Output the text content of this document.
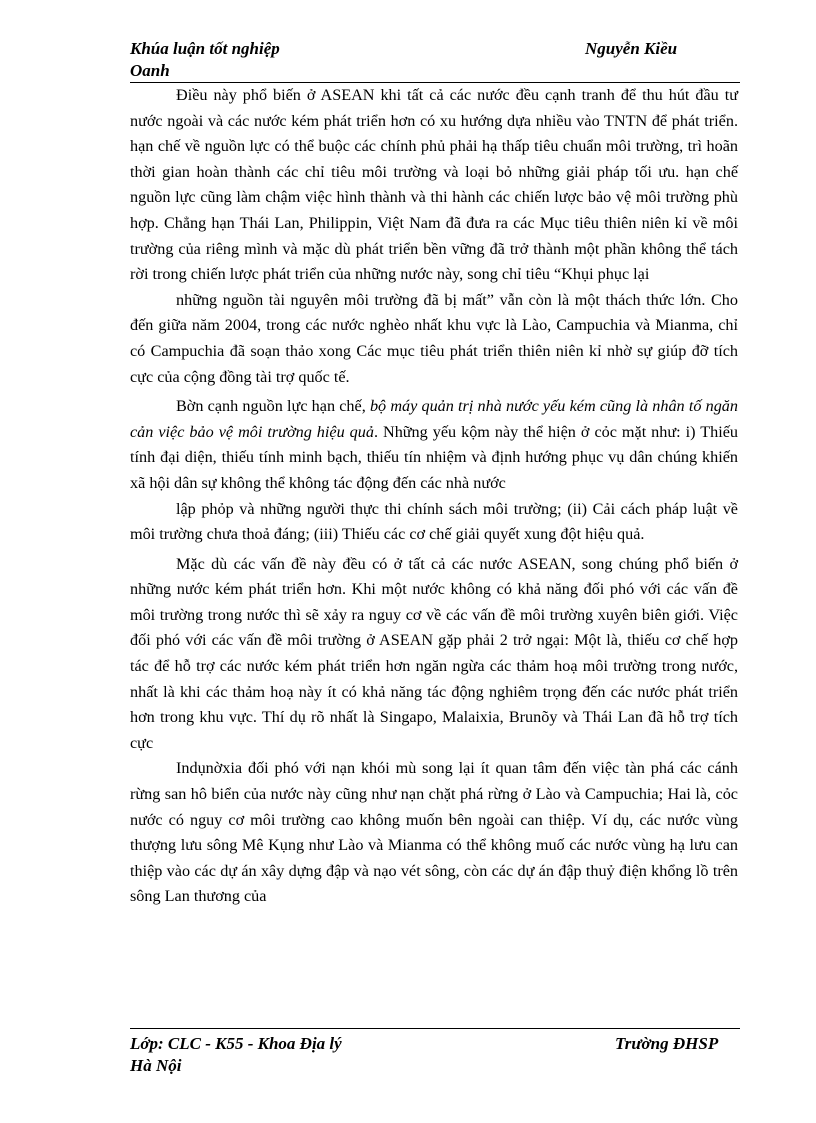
Khúa luận tốt nghiệp
Oanh
Nguyễn Kiều

Điều này phổ biến ở ASEAN khi tất cả các nước đều cạnh tranh để thu hút đầu tư nước ngoài và các nước kém phát triển hơn có xu hướng dựa nhiều vào TNTN để phát triển. hạn chế về nguồn lực có thể buộc các chính phủ phải hạ thấp tiêu chuẩn môi trường, trì hoãn thời gian hoàn thành các chỉ tiêu môi trường và loại bỏ những giải pháp tối ưu. hạn chế nguồn lực cũng làm chậm việc hình thành và thi hành các chiến lược bảo vệ môi trường phù hợp. Chẳng hạn Thái Lan, Philippin, Việt Nam đã đưa ra các Mục tiêu thiên niên kỉ về môi trường của riêng mình và mặc dù phát triển bền vững đã trở thành một phần không thể tách rời trong chiến lược phát triển của những nước này, song chỉ tiêu “Khụi phục lại

những nguồn tài nguyên môi trường đã bị mất” vẫn còn là một thách thức lớn. Cho đến giữa năm 2004, trong các nước nghèo nhất khu vực là Lào, Campuchia và Mianma, chỉ có Campuchia đã soạn thảo xong Các mục tiêu phát triển thiên niên kỉ nhờ sự giúp đỡ tích cực của cộng đồng tài trợ quốc tế.

Bờn cạnh nguồn lực hạn chế, bộ máy quản trị nhà nước yếu kém cũng là nhân tố ngăn cản việc bảo vệ môi trường hiệu quả. Những yếu kộm này thể hiện ở cỏc mặt như: i) Thiếu tính đại diện, thiếu tính minh bạch, thiếu tín nhiệm và định hướng phục vụ dân chúng khiến xã hội dân sự không thể không tác động đến các nhà nước

lập phỏp và những người thực thi chính sách môi trường; (ii) Cải cách pháp luật về môi trường chưa thoả đáng; (iii) Thiếu các cơ chế giải quyết xung đột hiệu quả.

Mặc dù các vấn đề này đều có ở tất cả các nước ASEAN, song chúng phổ biến ở những nước kém phát triển hơn. Khi một nước không có khả năng đối phó với các vấn đề môi trường trong nước thì sẽ xảy ra nguy cơ về các vấn đề môi trường xuyên biên giới. Việc đối phó với các vấn đề môi trường ở ASEAN gặp phải 2 trở ngại: Một là, thiếu cơ chế hợp tác để hỗ trợ các nước kém phát triển hơn ngăn ngừa các thảm hoạ môi trường trong nước, nhất là khi các thảm hoạ này ít có khả năng tác động nghiêm trọng đến các nước phát triển hơn trong khu vực. Thí dụ rõ nhất là Singapo, Malaixia, Brunõy và Thái Lan đã hỗ trợ tích cực

Indụnờxia đối phó với nạn khói mù song lại ít quan tâm đến việc tàn phá các cánh rừng san hô biển của nước này cũng như nạn chặt phá rừng ở Lào và Campuchia; Hai là, cỏc nước có nguy cơ môi trường cao không muốn bên ngoài can thiệp. Ví dụ, các nước vùng thượng lưu sông Mê Kụng như Lào và Mianma có thể không muố các nước vùng hạ lưu can thiệp vào các dự án xây dựng đập và nạo vét sông, còn các dự án đập thuỷ điện khổng lồ trên sông Lan thương của

Lớp: CLC - K55 - Khoa Địa lý
Hà Nội
Trường ĐHSP
